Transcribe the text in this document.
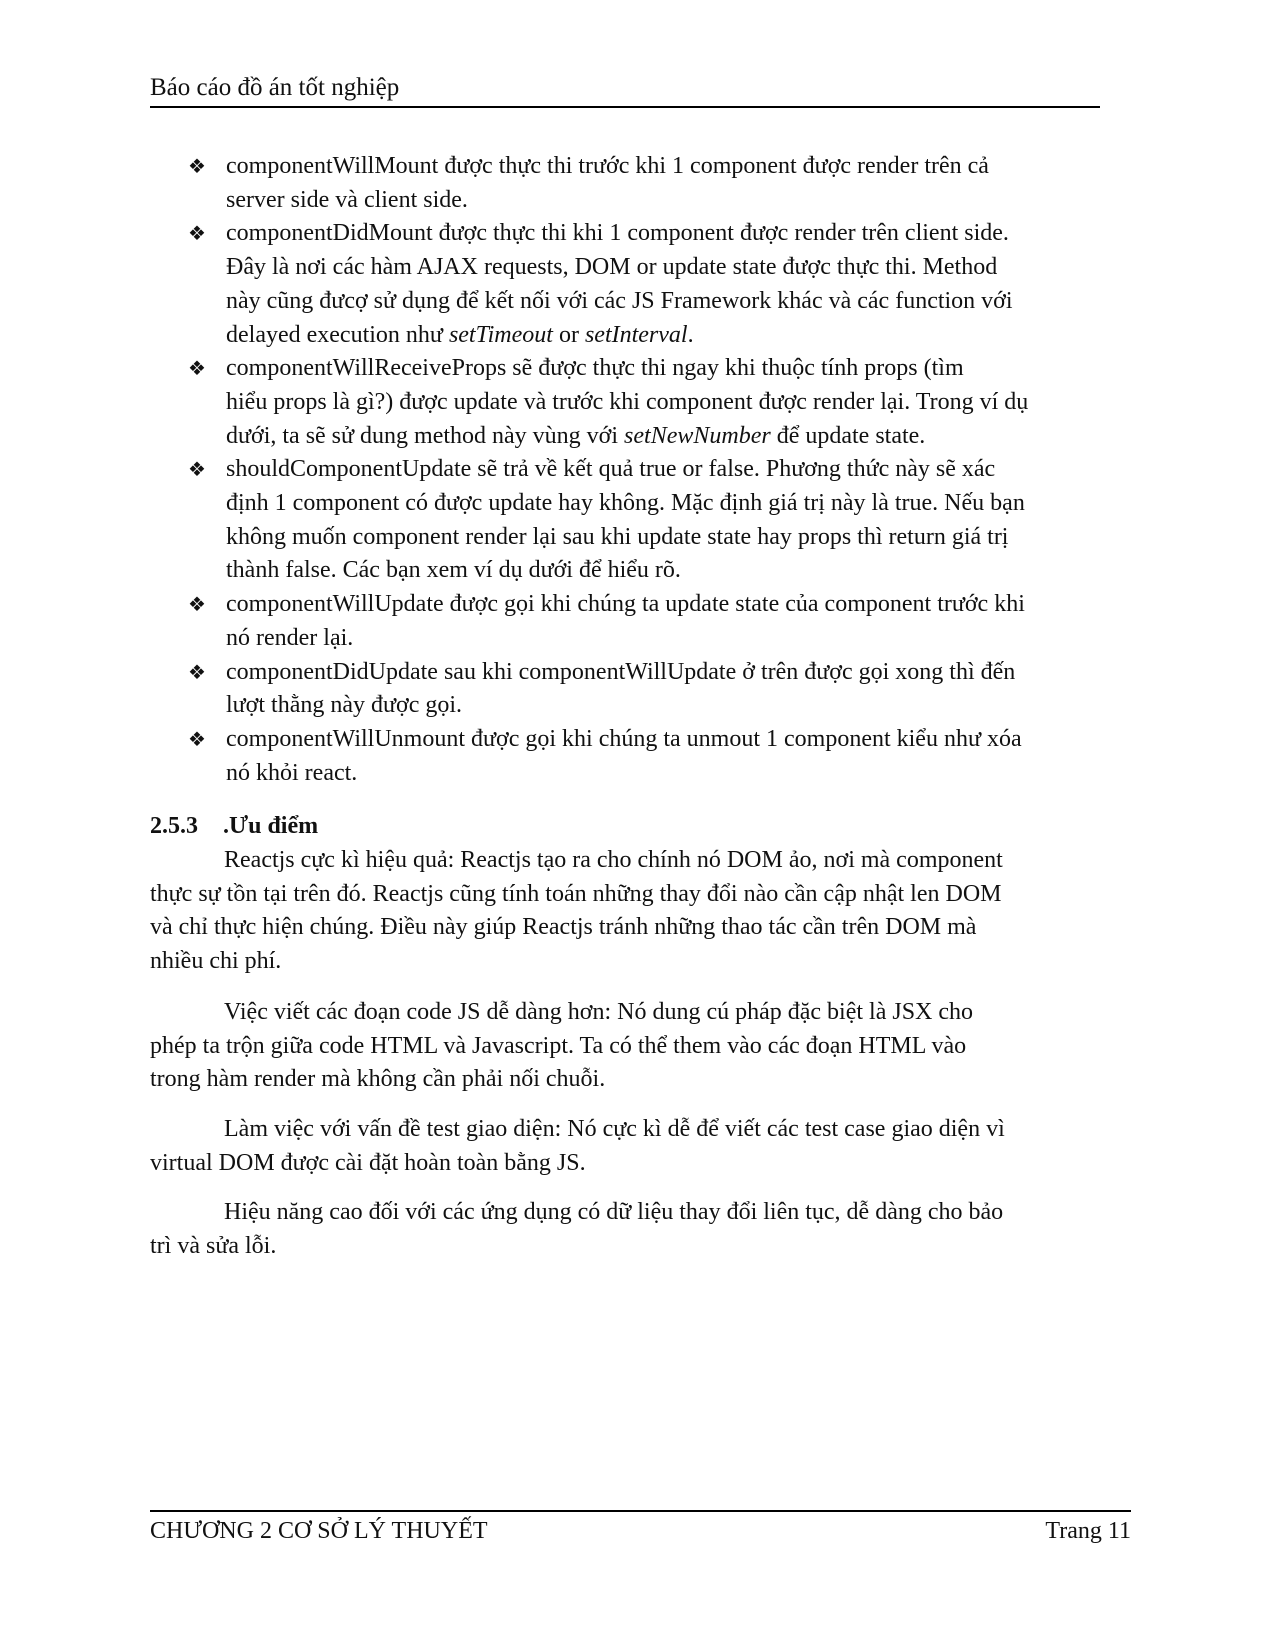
Báo cáo đồ án tốt nghiệp
❖ componentWillMount được thực thi trước khi 1 component được render trên cả
server side và client side.
❖ componentDidMount được thực thi khi 1 component được render trên client side.
Đây là nơi các hàm AJAX requests, DOM or update state được thực thi. Method
này cũng đưcợ sử dụng để kết nối với các JS Framework khác và các function với
delayed execution như setTimeout or setInterval.
❖ componentWillReceiveProps sẽ được thực thi ngay khi thuộc tính props (tìm
hiểu props là gì?) được update và trước khi component được render lại. Trong ví dụ
dưới, ta sẽ sử dung method này vùng với setNewNumber để update state.
❖ shouldComponentUpdate sẽ trả về kết quả true or false. Phương thức này sẽ xác
định 1 component có được update hay không. Mặc định giá trị này là true. Nếu bạn
không muốn component render lại sau khi update state hay props thì return giá trị
thành false. Các bạn xem ví dụ dưới để hiểu rõ.
❖ componentWillUpdate được gọi khi chúng ta update state của component trước khi
nó render lại.
❖ componentDidUpdate sau khi componentWillUpdate ở trên được gọi xong thì đến
lượt thằng này được gọi.
❖ componentWillUnmount được gọi khi chúng ta unmout 1 component kiểu như xóa
nó khỏi react.
2.5.3 .Ưu điểm
Reactjs cực kì hiệu quả: Reactjs tạo ra cho chính nó DOM ảo, nơi mà component
thực sự tồn tại trên đó. Reactjs cũng tính toán những thay đổi nào cần cập nhật len DOM
và chỉ thực hiện chúng. Điều này giúp Reactjs tránh những thao tác cần trên DOM mà
nhiều chi phí.
Việc viết các đoạn code JS dễ dàng hơn: Nó dung cú pháp đặc biệt là JSX cho
phép ta trộn giữa code HTML và Javascript. Ta có thể them vào các đoạn HTML vào
trong hàm render mà không cần phải nối chuỗi.
Làm việc với vấn đề test giao diện: Nó cực kì dễ để viết các test case giao diện vì
virtual DOM được cài đặt hoàn toàn bằng JS.
Hiệu năng cao đối với các ứng dụng có dữ liệu thay đổi liên tục, dễ dàng cho bảo
trì và sửa lỗi.
CHƯƠNG 2 CƠ SỞ LÝ THUYẾT	Trang 11
